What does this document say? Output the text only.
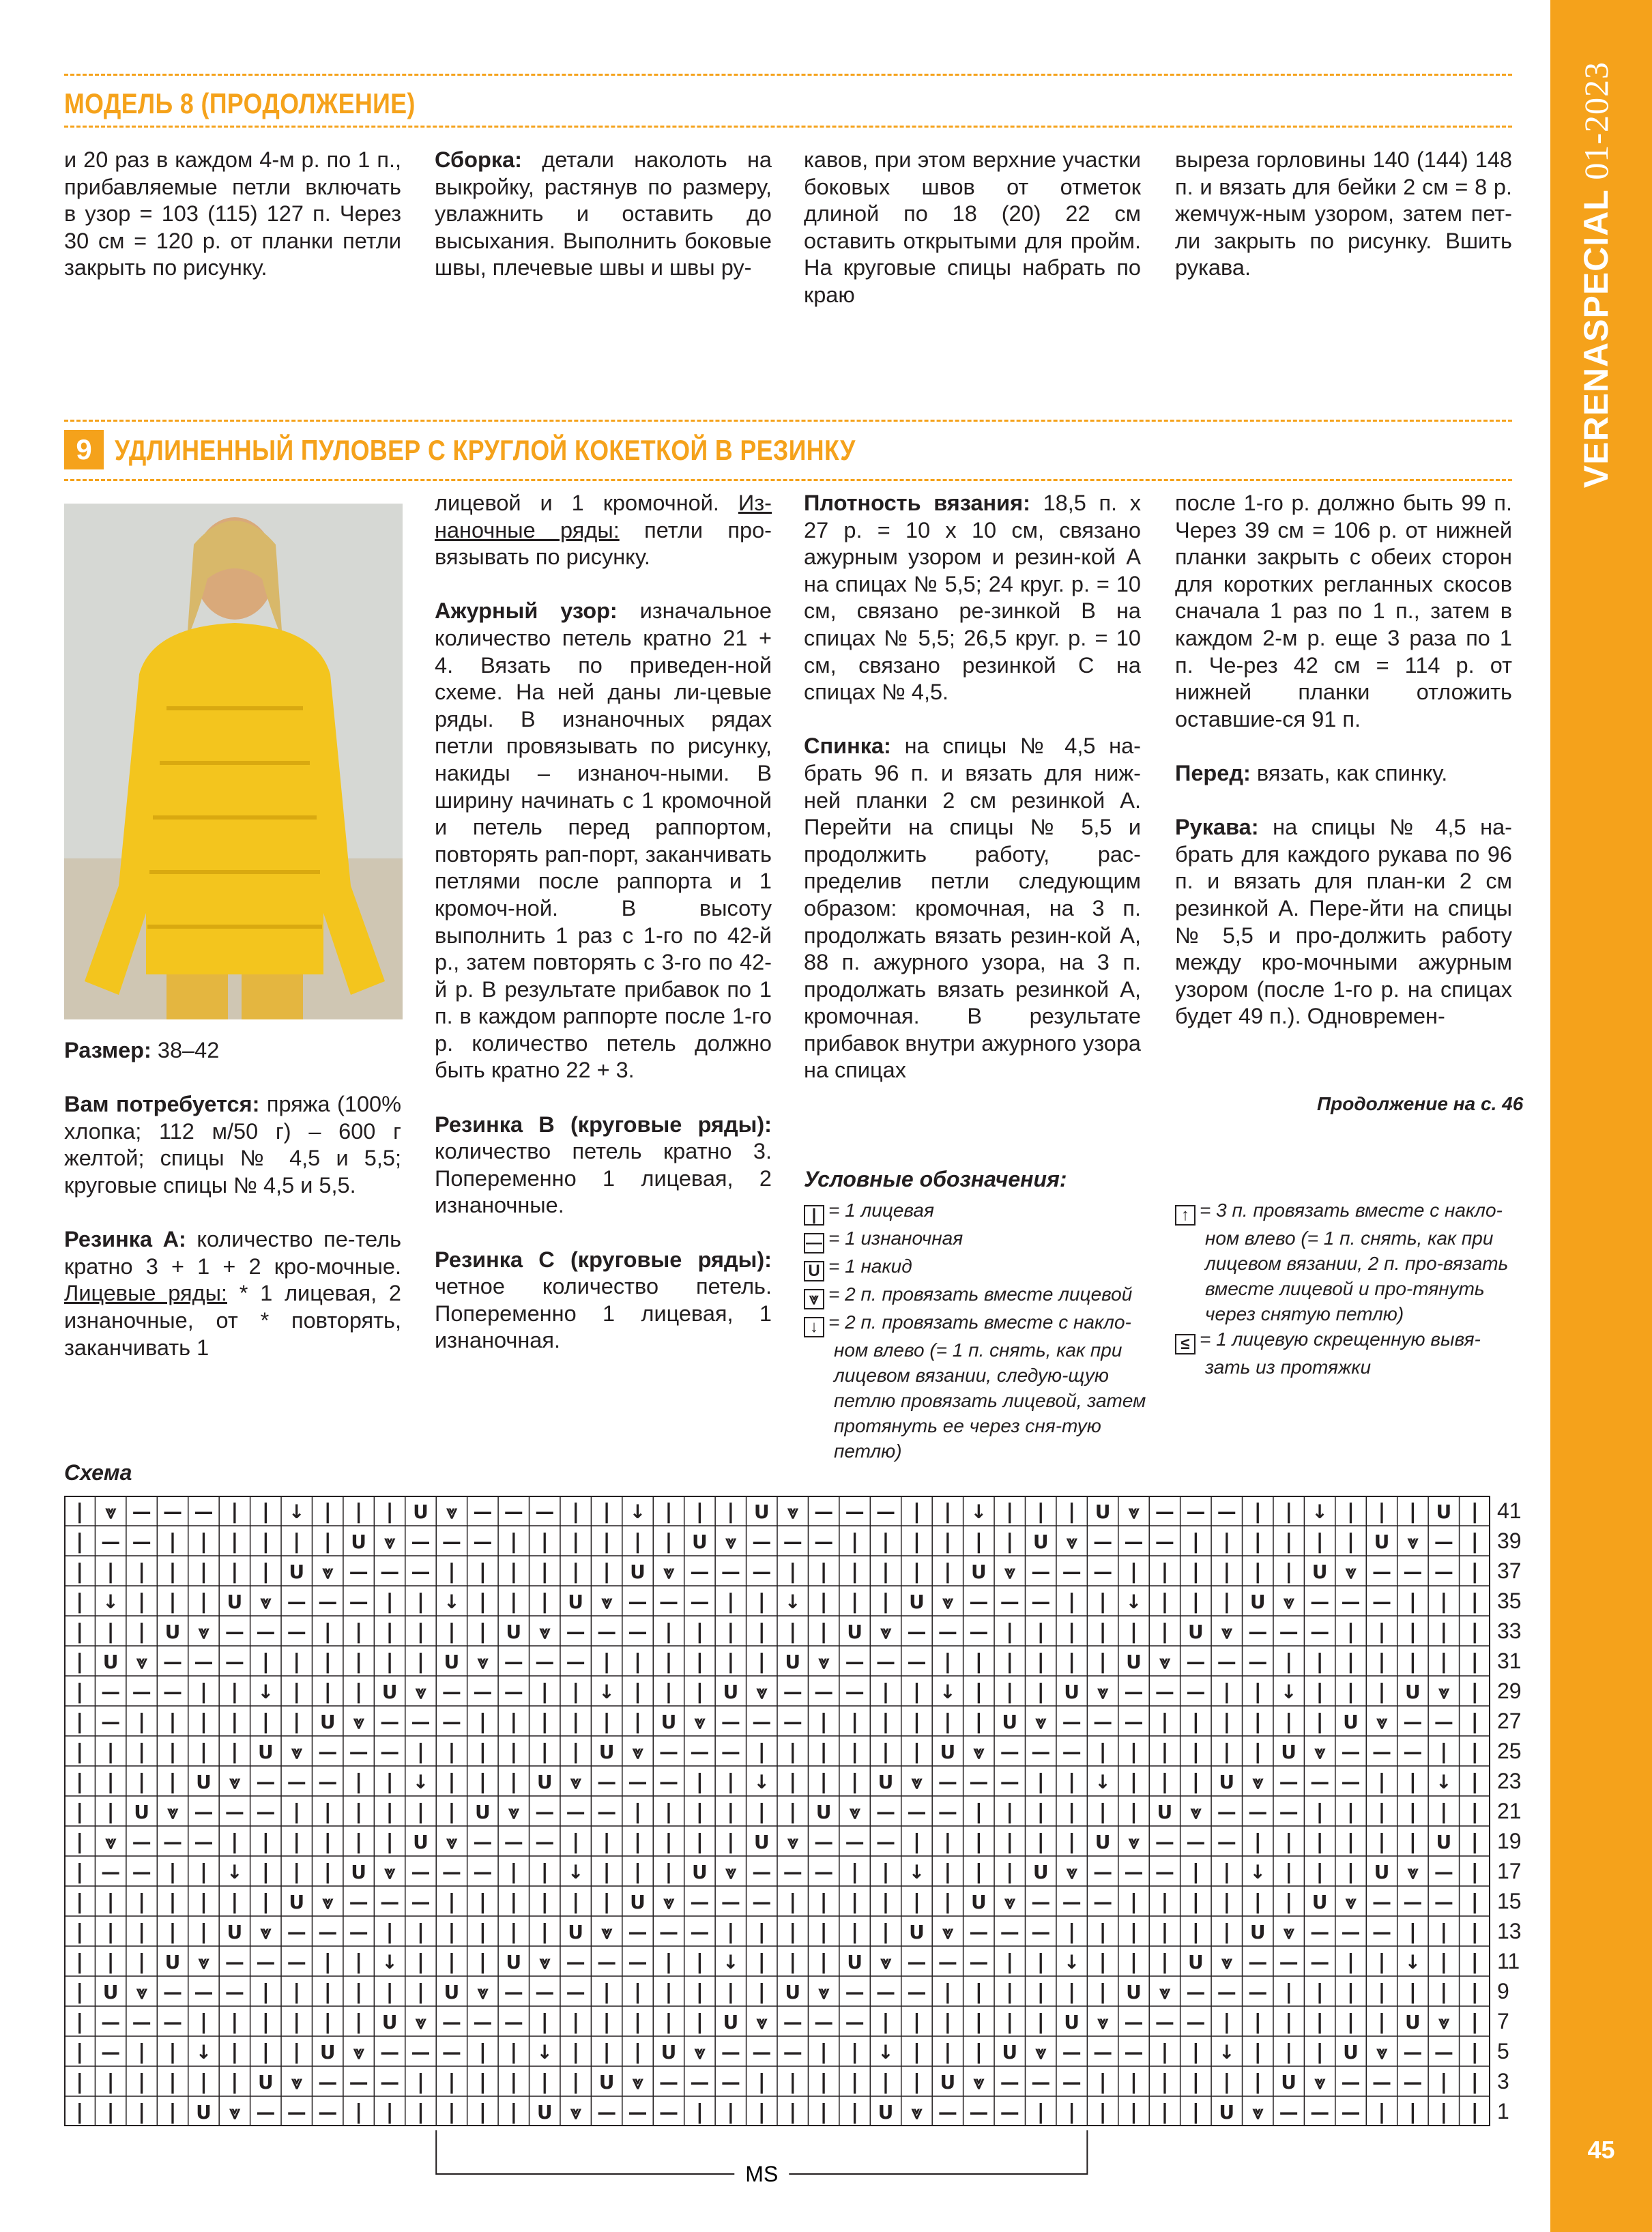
VERENASPECIAL 01-2023
45
МОДЕЛЬ 8 (ПРОДОЛЖЕНИЕ)
и 20 раз в каждом 4-м р. по 1 п., прибавляемые петли включать в узор = 103 (115) 127 п. Через 30 см = 120 р. от планки петли закрыть по рисунку.
Сборка: детали наколоть на выкройку, растянув по размеру, увлажнить и оставить до высыхания. Выполнить боковые швы, плечевые швы и швы ру-
кавов, при этом верхние участки боковых швов от отметок длиной по 18 (20) 22 см оставить открытыми для пройм. На круговые спицы набрать по краю
выреза горловины 140 (144) 148 п. и вязать для бейки 2 см = 8 р. жемчуж-ным узором, затем пет-ли закрыть по рисунку. Вшить рукава.
9 УДЛИНЕННЫЙ ПУЛОВЕР С КРУГЛОЙ КОКЕТКОЙ В РЕЗИНКУ

Размер: 38–42

Вам потребуется: пряжа (100% хлопка; 112 м/50 г) – 600 г желтой; спицы № 4,5 и 5,5; круговые спицы № 4,5 и 5,5.

Резинка А: количество пе-тель кратно 3 + 1 + 2 кро-мочные. Лицевые ряды: * 1 лицевая, 2 изнаночные, от * повторять, заканчивать 1

лицевой и 1 кромочной. Из-наночные ряды: петли про-вязывать по рисунку.

Ажурный узор: изначальное количество петель кратно 21 + 4. Вязать по приведен-ной схеме. На ней даны ли-цевые ряды. В изнаночных рядах петли провязывать по рисунку, накиды – изнаноч-ными. В ширину начинать с 1 кромочной и петель перед раппортом, повторять рап-порт, заканчивать петлями после раппорта и 1 кромоч-ной. В высоту выполнить 1 раз с 1-го по 42-й р., затем повторять с 3-го по 42-й р. В результате прибавок по 1 п. в каждом раппорте после 1-го р. количество петель должно быть кратно 22 + 3.

Резинка В (круговые ряды): количество петель кратно 3. Попеременно 1 лицевая, 2 изнаночные.

Резинка С (круговые ряды): четное количество петель. Попеременно 1 лицевая, 1 изнаночная.

Плотность вязания: 18,5 п. х 27 р. = 10 х 10 см, связано ажурным узором и резин-кой А на спицах № 5,5; 24 круг. р. = 10 см, связано ре-зинкой В на спицах № 5,5; 26,5 круг. р. = 10 см, связано резинкой С на спицах № 4,5.

Спинка: на спицы № 4,5 на-брать 96 п. и вязать для ниж-ней планки 2 см резинкой А. Перейти на спицы № 5,5 и продолжить работу, рас-пределив петли следующим образом: кромочная, на 3 п. продолжать вязать резин-кой А, 88 п. ажурного узора, на 3 п. продолжать вязать резинкой А, кромочная. В результате прибавок внутри ажурного узора на спицах

после 1-го р. должно быть 99 п. Через 39 см = 106 р. от нижней планки закрыть с обеих сторон для коротких регланных скосов сначала 1 раз по 1 п., затем в каждом 2-м р. еще 3 раза по 1 п. Че-рез 42 см = 114 р. от нижней планки отложить оставшие-ся 91 п.

Перед: вязать, как спинку.

Рукава: на спицы № 4,5 на-брать для каждого рукава по 96 п. и вязать для план-ки 2 см резинкой А. Пере-йти на спицы № 5,5 и про-должить работу между кро-мочными ажурным узором (после 1-го р. на спицах будет 49 п.). Одновремен-

Продолжение на с. 46
Условные обозначения:
| = 1 лицевая
— = 1 изнаночная
U = 1 накид
⩔ = 2 п. провязать вместе лицевой
↓ = 2 п. провязать вместе с накло-ном влево (= 1 п. снять, как при лицевом вязании, следую-щую петлю провязать лицевой, затем протянуть ее через сня-тую петлю)
↑ = 3 п. провязать вместе с накло-ном влево (= 1 п. снять, как при лицевом вязании, 2 п. про-вязать вместе лицевой и про-тянуть через снятую петлю)
≤ = 1 лицевую скрещенную вывя-зать из протяжки
Схема
| ⩔ — — — | | ↓ | | | U ⩔ — — — | | ↓ | | | U ⩔ — — — | | ↓ | | | U ⩔ — — — | | ↓ | | | U |
| — — | | | | | | U ⩔ — — — | | | | | | U ⩔ — — — | | | | | | U ⩔ — — — | | | | | | U ⩔ — |
| | | | | | | U ⩔ — — — | | | | | | U ⩔ — — — | | | | | | U ⩔ — — — | | | | | | U ⩔ — — — |
| ↓ | | | U ⩔ — — — | | ↓ | | | U ⩔ — — — | | ↓ | | | U ⩔ — — — | | ↓ | | | U ⩔ — — — | | |
| | | U ⩔ — — — | | | | | | U ⩔ — — — | | | | | | U ⩔ — — — | | | | | | U ⩔ — — — | | | | |
| U ⩔ — — — | | | | | | U ⩔ — — — | | | | | | U ⩔ — — — | | | | | | U ⩔ — — — | | | | | | |
| — — — | | ↓ | | | U ⩔ — — — | | ↓ | | | U ⩔ — — — | | ↓ | | | U ⩔ — — — | | ↓ | | | U ⩔ |
| — | | | | | | U ⩔ — — — | | | | | | U ⩔ — — — | | | | | | U ⩔ — — — | | | | | | U ⩔ — — |
| | | | | | U ⩔ — — — | | | | | | U ⩔ — — — | | | | | | U ⩔ — — — | | | | | | U ⩔ — — — | |
| | | | U ⩔ — — — | | ↓ | | | U ⩔ — — — | | ↓ | | | U ⩔ — — — | | ↓ | | | U ⩔ — — — | | ↓ |
| | U ⩔ — — — | | | | | | U ⩔ — — — | | | | | | U ⩔ — — — | | | | | | U ⩔ — — — | | | | | |
| ⩔ — — — | | | | | | U ⩔ — — — | | | | | | U ⩔ — — — | | | | | | U ⩔ — — — | | | | | | U |
| — — | | ↓ | | | U ⩔ — — — | | ↓ | | | U ⩔ — — — | | ↓ | | | U ⩔ — — — | | ↓ | | | U ⩔ — |
| | | | | | | U ⩔ — — — | | | | | | U ⩔ — — — | | | | | | U ⩔ — — — | | | | | | U ⩔ — — — |
| | | | | U ⩔ — — — | | | | | | U ⩔ — — — | | | | | | U ⩔ — — — | | | | | | U ⩔ — — — | | |
| | | U ⩔ — — — | | ↓ | | | U ⩔ — — — | | ↓ | | | U ⩔ — — — | | ↓ | | | U ⩔ — — — | | ↓ | |
| U ⩔ — — — | | | | | | U ⩔ — — — | | | | | | U ⩔ — — — | | | | | | U ⩔ — — — | | | | | | |
| — — — | | | | | | U ⩔ — — — | | | | | | U ⩔ — — — | | | | | | U ⩔ — — — | | | | | | U ⩔ |
| — | | ↓ | | | U ⩔ — — — | | ↓ | | | U ⩔ — — — | | ↓ | | | U ⩔ — — — | | ↓ | | | U ⩔ — — |
| | | | | | U ⩔ — — — | | | | | | U ⩔ — — — | | | | | | U ⩔ — — — | | | | | | U ⩔ — — — | |
| | | | U ⩔ — — — | | | | | | U ⩔ — — — | | | | | | U ⩔ — — — | | | | | | U ⩔ — — — | | | |
MS
41
39
37
35
33
31
29
27
25
23
21
19
17
15
13
11
9
7
5
3
1
